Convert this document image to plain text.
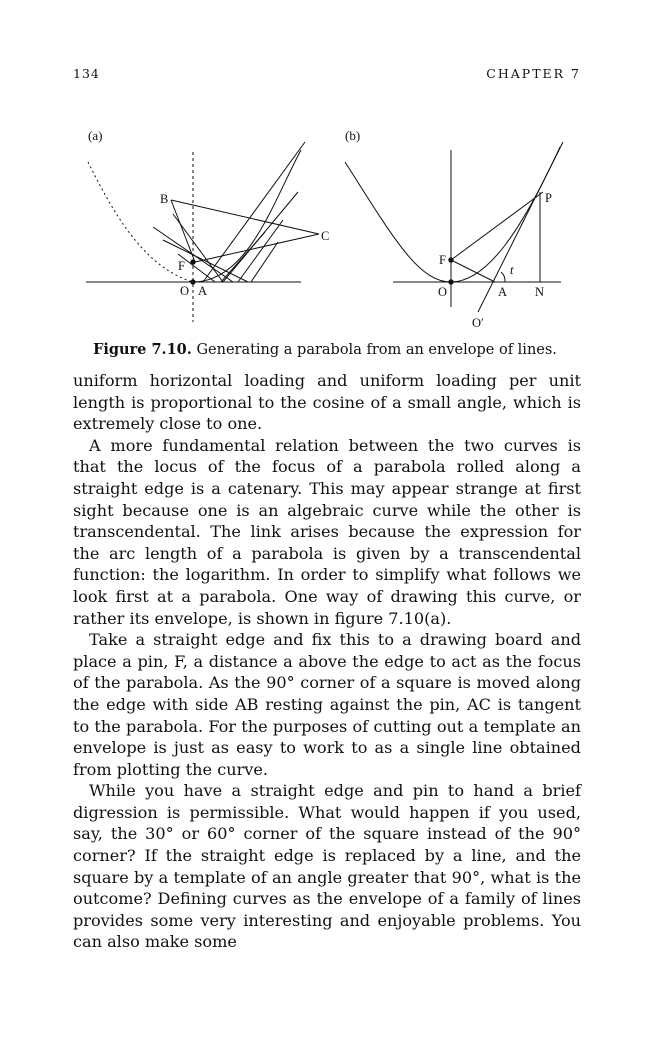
134	CHAPTER 7
(a)
B
C
F
O A
(b)
P
F
t
O	A N
O′
Figure 7.10. Generating a parabola from an envelope of lines.

uniform horizontal loading and uniform loading per unit length is proportional to the cosine of a small angle, which is extremely close to one.

A more fundamental relation between the two curves is that the locus of the focus of a parabola rolled along a straight edge is a catenary. This may appear strange at first sight because one is an algebraic curve while the other is transcendental. The link arises because the expression for the arc length of a parabola is given by a transcendental function: the logarithm. In order to simplify what follows we look first at a parabola. One way of drawing this curve, or rather its envelope, is shown in figure 7.10(a).

Take a straight edge and fix this to a drawing board and place a pin, F, a distance a above the edge to act as the focus of the parabola. As the 90° corner of a square is moved along the edge with side AB resting against the pin, AC is tangent to the parabola. For the purposes of cutting out a template an envelope is just as easy to work to as a single line obtained from plotting the curve.

While you have a straight edge and pin to hand a brief digression is permissible. What would happen if you used, say, the 30° or 60° corner of the square instead of the 90° corner? If the straight edge is replaced by a line, and the square by a template of an angle greater that 90°, what is the outcome? Defining curves as the envelope of a family of lines provides some very interesting and enjoyable problems. You can also make some
